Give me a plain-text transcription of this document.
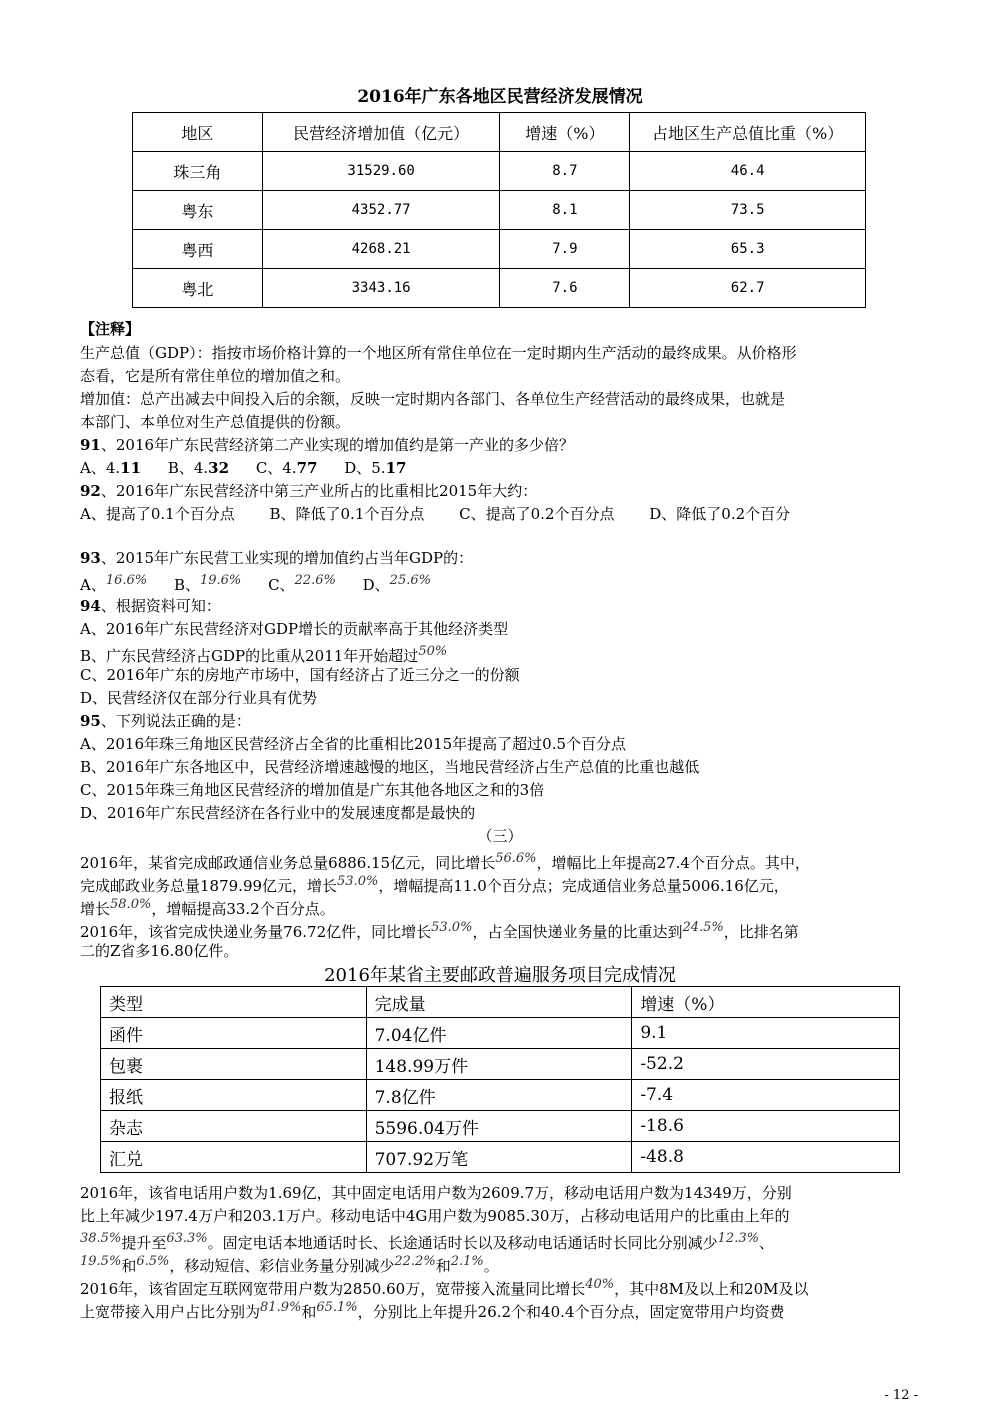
2016年广东各地区民营经济发展情况
地区	民营经济增加值（亿元）	增速（%）	占地区生产总值比重（%）
珠三角	31529.60	8.7	46.4
粤东	4352.77	8.1	73.5
粤西	4268.21	7.9	65.3
粤北	3343.16	7.6	62.7
【注释】
生产总值（GDP）：指按市场价格计算的一个地区所有常住单位在一定时期内生产活动的最终成果。从价格形
态看，它是所有常住单位的增加值之和。
增加值：总产出减去中间投入后的余额，反映一定时期内各部门、各单位生产经营活动的最终成果，也就是
本部门、本单位对生产总值提供的份额。
91、2016年广东民营经济第二产业实现的增加值约是第一产业的多少倍？
A、4.11 B、4.32 C、4.77 D、5.17
92、2016年广东民营经济中第三产业所占的比重相比2015年大约：
A、提高了0.1个百分点 B、降低了0.1个百分点 C、提高了0.2个百分点 D、降低了0.2个百分
93、2015年广东民营工业实现的增加值约占当年GDP的：
A、16.6% B、19.6% C、22.6% D、25.6%
94、根据资料可知：
A、2016年广东民营经济对GDP增长的贡献率高于其他经济类型
B、广东民营经济占GDP的比重从2011年开始超过50%
C、2016年广东的房地产市场中，国有经济占了近三分之一的份额
D、民营经济仅在部分行业具有优势
95、下列说法正确的是：
A、2016年珠三角地区民营经济占全省的比重相比2015年提高了超过0.5个百分点
B、2016年广东各地区中，民营经济增速越慢的地区，当地民营经济占生产总值的比重也越低
C、2015年珠三角地区民营经济的增加值是广东其他各地区之和的3倍
D、2016年广东民营经济在各行业中的发展速度都是最快的
（三）
2016年，某省完成邮政通信业务总量6886.15亿元，同比增长56.6%，增幅比上年提高27.4个百分点。其中，
完成邮政业务总量1879.99亿元，增长53.0%，增幅提高11.0个百分点；完成通信业务总量5006.16亿元，
增长58.0%，增幅提高33.2个百分点。
2016年，该省完成快递业务量76.72亿件，同比增长53.0%，占全国快递业务量的比重达到24.5%，比排名第
二的Z省多16.80亿件。
2016年某省主要邮政普遍服务项目完成情况
类型	完成量	增速（%）
函件	7.04亿件	9.1
包裹	148.99万件	-52.2
报纸	7.8亿件	-7.4
杂志	5596.04万件	-18.6
汇兑	707.92万笔	-48.8
2016年，该省电话用户数为1.69亿，其中固定电话用户数为2609.7万，移动电话用户数为14349万，分别
比上年减少197.4万户和203.1万户。移动电话中4G用户数为9085.30万，占移动电话用户的比重由上年的
38.5%提升至63.3%。固定电话本地通话时长、长途通话时长以及移动电话通话时长同比分别减少12.3%、
19.5%和6.5%，移动短信、彩信业务量分别减少22.2%和2.1%。
2016年，该省固定互联网宽带用户数为2850.60万，宽带接入流量同比增长40%，其中8M及以上和20M及以
上宽带接入用户占比分别为81.9%和65.1%，分别比上年提升26.2个和40.4个百分点，固定宽带用户均资费
- 12 -
